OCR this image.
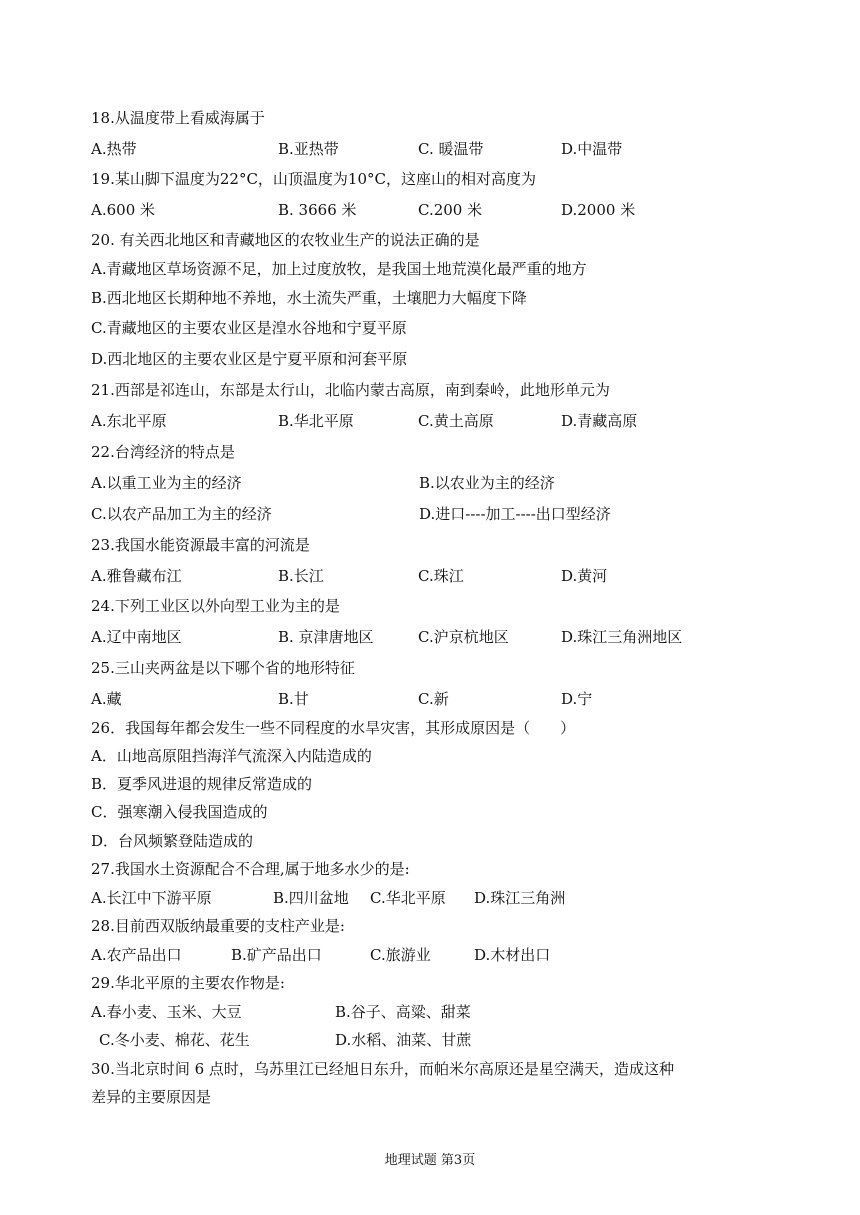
18.从温度带上看威海属于
A.热带	B.亚热带	C. 暖温带	D.中温带
19.某山脚下温度为22°C，山顶温度为10°C，这座山的相对高度为
A.600 米	B. 3666 米	C.200 米	D.2000 米
20. 有关西北地区和青藏地区的农牧业生产的说法正确的是
A.青藏地区草场资源不足，加上过度放牧，是我国土地荒漠化最严重的地方
B.西北地区长期种地不养地，水土流失严重，土壤肥力大幅度下降
C.青藏地区的主要农业区是湟水谷地和宁夏平原
D.西北地区的主要农业区是宁夏平原和河套平原
21.西部是祁连山，东部是太行山，北临内蒙古高原，南到秦岭，此地形单元为
A.东北平原	B.华北平原	C.黄土高原	D.青藏高原
22.台湾经济的特点是
A.以重工业为主的经济	B.以农业为主的经济
C.以农产品加工为主的经济	D.进口----加工----出口型经济
23.我国水能资源最丰富的河流是
A.雅鲁藏布江	B.长江	C.珠江	D.黄河
24.下列工业区以外向型工业为主的是
A.辽中南地区	B. 京津唐地区	C.沪京杭地区	D.珠江三角洲地区
25.三山夹两盆是以下哪个省的地形特征
A.藏	B.甘	C.新	D.宁
26．我国每年都会发生一些不同程度的水旱灾害，其形成原因是（　　）
A．山地高原阻挡海洋气流深入内陆造成的
B．夏季风进退的规律反常造成的
C．强寒潮入侵我国造成的
D．台风频繁登陆造成的
27.我国水土资源配合不合理,属于地多水少的是:
A.长江中下游平原	B.四川盆地 C.华北平原 D.珠江三角洲
28.目前西双版纳最重要的支柱产业是:
A.农产品出口	B.矿产品出口	C.旅游业	D.木材出口
29.华北平原的主要农作物是:
A.春小麦、玉米、大豆	B.谷子、高粱、甜菜
C.冬小麦、棉花、花生	D.水稻、油菜、甘蔗
30.当北京时间 6 点时，乌苏里江已经旭日东升，而帕米尔高原还是星空满天，造成这种
差异的主要原因是
地理试题 第3页
